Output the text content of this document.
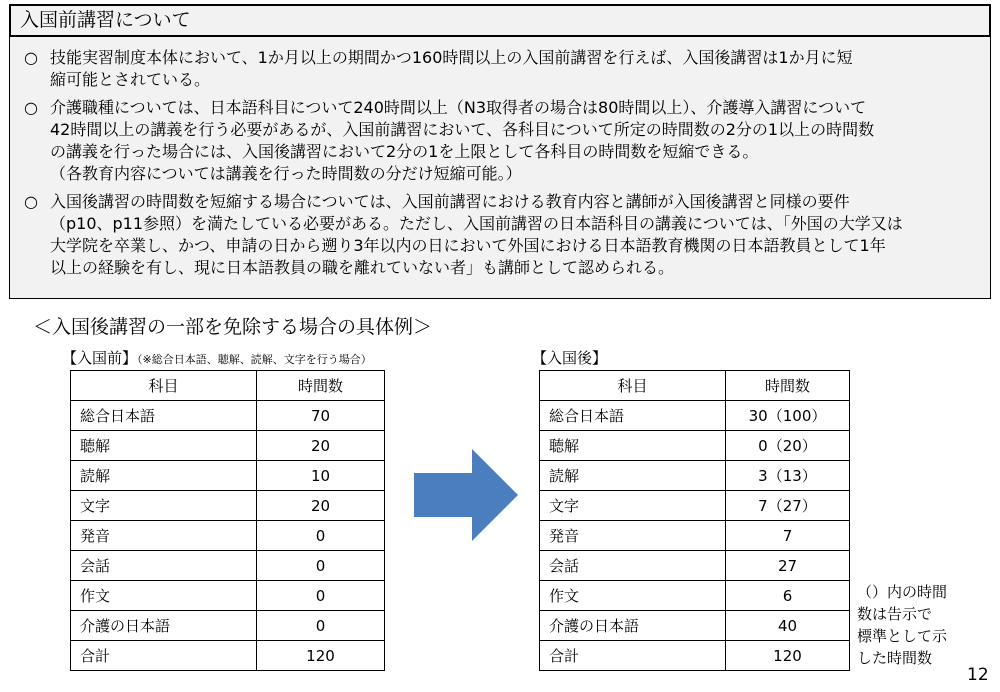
入国前講習について
○ 技能実習制度本体において、1か月以上の期間かつ160時間以上の入国前講習を行えば、入国後講習は1か月に短
縮可能とされている。
○ 介護職種については、日本語科目について240時間以上（N3取得者の場合は80時間以上）、介護導入講習について
42時間以上の講義を行う必要があるが、入国前講習において、各科目について所定の時間数の2分の1以上の時間数
の講義を行った場合には、入国後講習において2分の1を上限として各科目の時間数を短縮できる。
（各教育内容については講義を行った時間数の分だけ短縮可能。）
○ 入国後講習の時間数を短縮する場合については、入国前講習における教育内容と講師が入国後講習と同様の要件
（p10、p11参照）を満たしている必要がある。ただし、入国前講習の日本語科目の講義については、「外国の大学又は
大学院を卒業し、かつ、申請の日から遡り3年以内の日において外国における日本語教育機関の日本語教員として1年
以上の経験を有し、現に日本語教員の職を離れていない者」も講師として認められる。
＜入国後講習の一部を免除する場合の具体例＞
【入国前】（※総合日本語、聴解、読解、文字を行う場合）
科目	時間数
総合日本語	70
聴解	20
読解	10
文字	20
発音	0
会話	0
作文	0
介護の日本語	0
合計	120
【入国後】
科目	時間数
総合日本語	30（100）
聴解	0（20）
読解	3（13）
文字	7（27）
発音	7
会話	27
作文	6
介護の日本語	40
合計	120
（）内の時間
数は告示で
標準として示
した時間数
12
